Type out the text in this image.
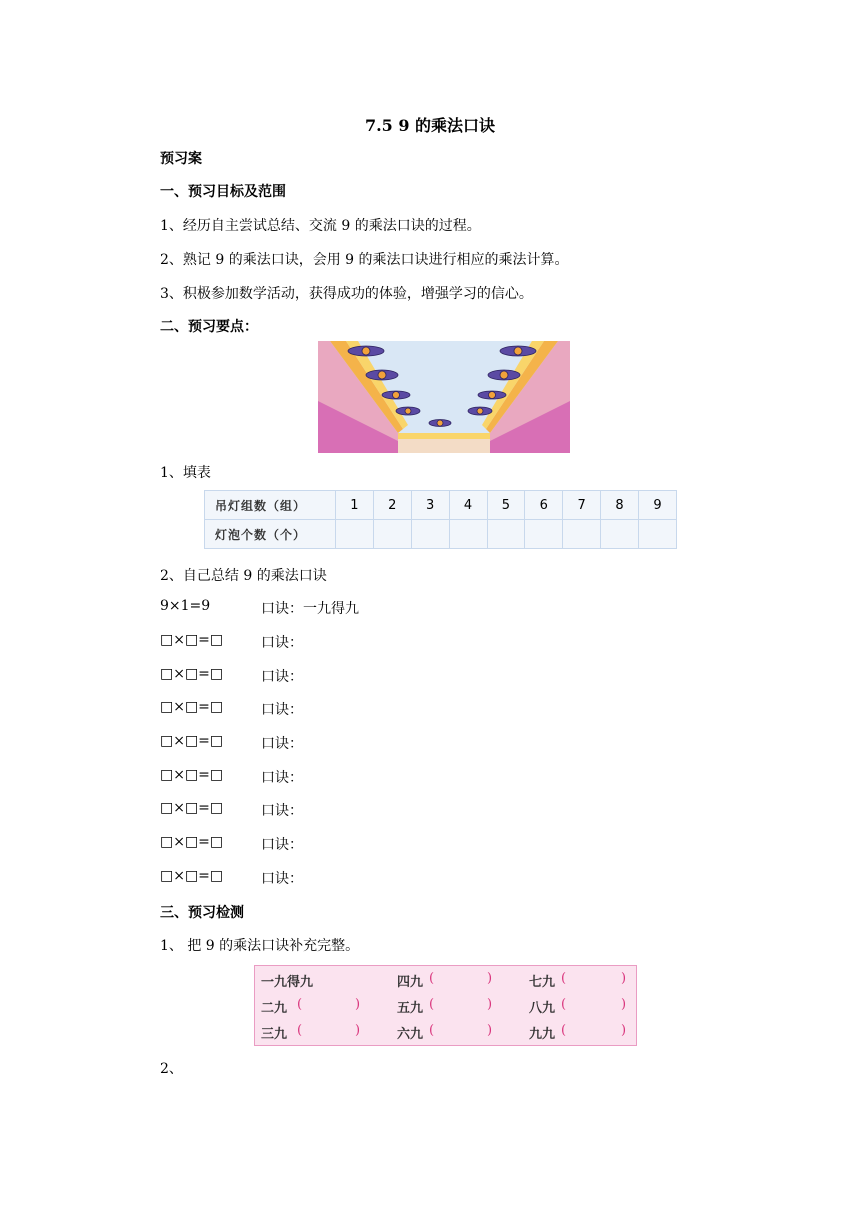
7.5 9 的乘法口诀
预习案
一、预习目标及范围
1、经历自主尝试总结、交流 9 的乘法口诀的过程。
2、熟记 9 的乘法口诀，会用 9 的乘法口诀进行相应的乘法计算。
3、积极参加数学活动，获得成功的体验，增强学习的信心。
二、预习要点：
1、填表
吊灯组数（组）	1	2	3	4	5	6	7	8	9
灯泡个数（个）									
2、自己总结 9 的乘法口诀
9×1=9	口诀：一九得九
□×□=□	口诀：
□×□=□	口诀：
□×□=□	口诀：
□×□=□	口诀：
□×□=□	口诀：
□×□=□	口诀：
□×□=□	口诀：
□×□=□	口诀：
三、预习检测
1、 把 9 的乘法口诀补充完整。
一九得九	四九 (	)	七九 (	)
二九 (	)	五九 (	)	八九 (	)
三九 (	)	六九 (	)	九九 (	)
2、
